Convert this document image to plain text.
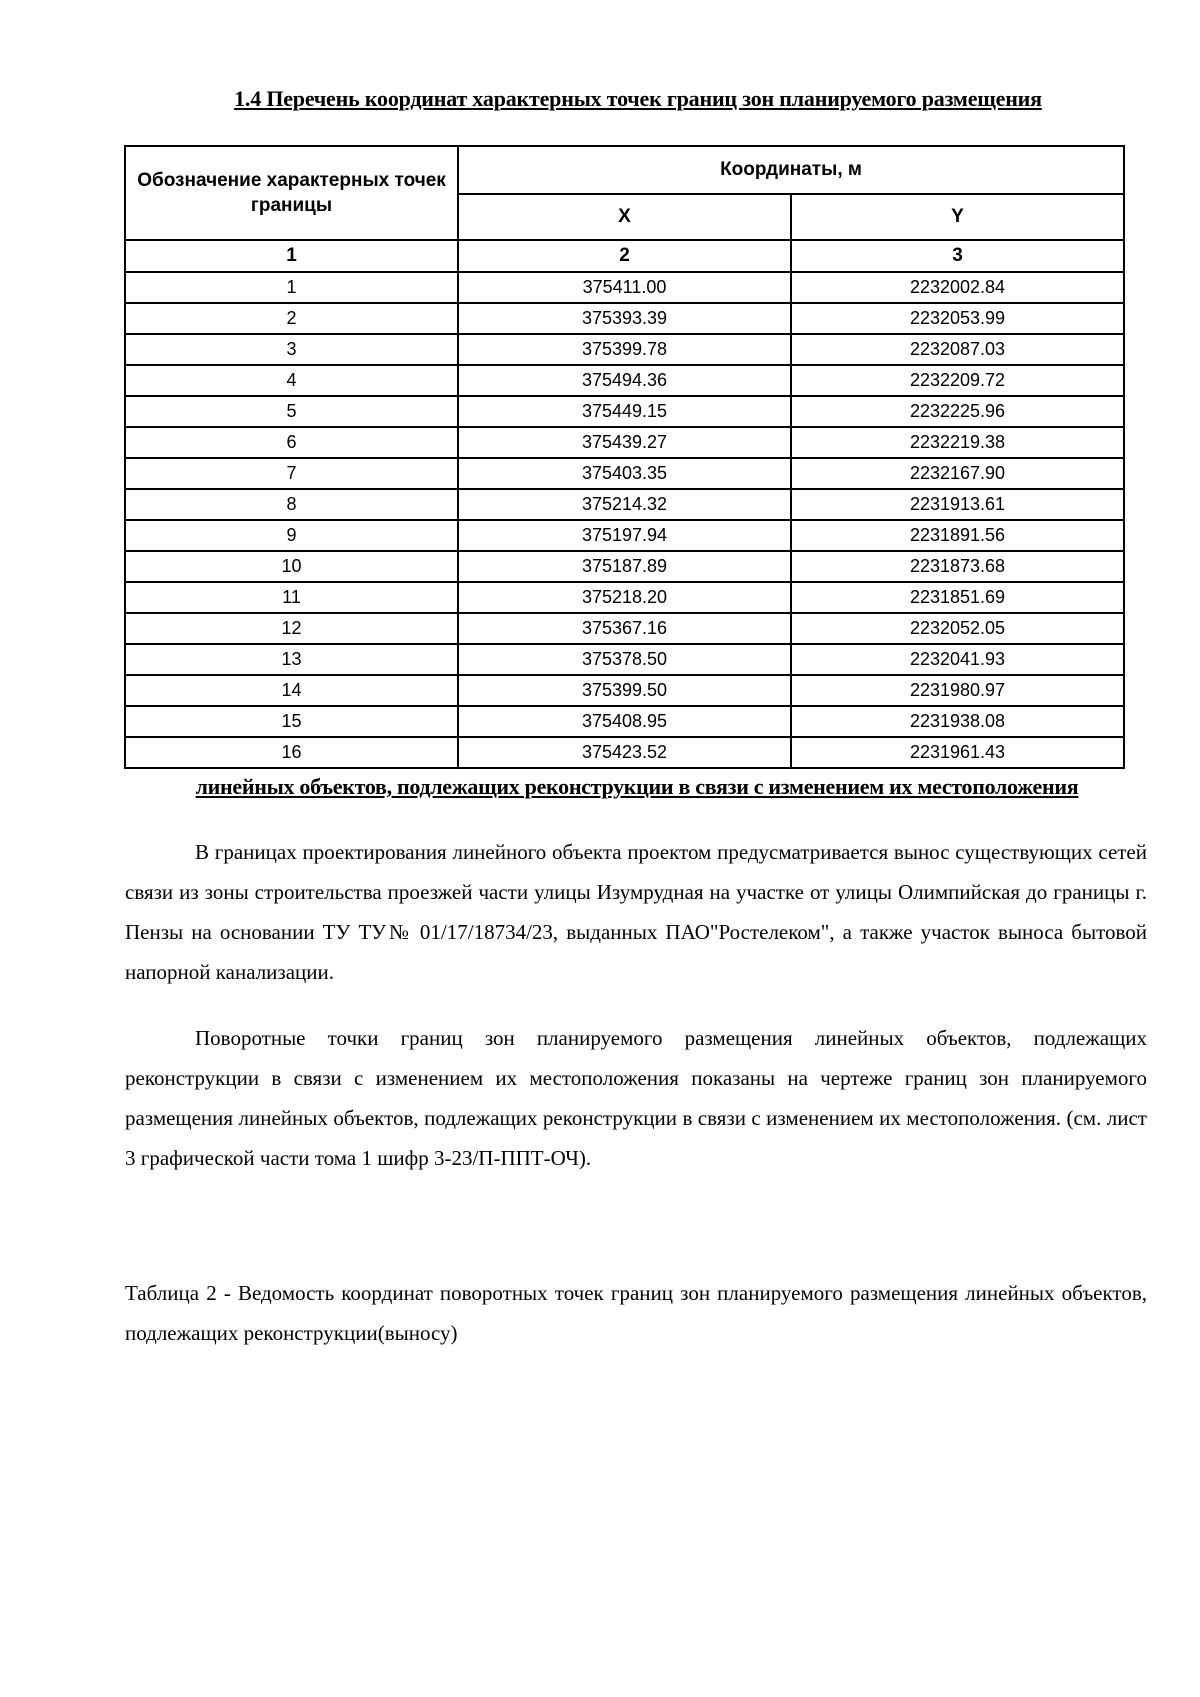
1.4 Перечень координат характерных точек границ зон планируемого размещения
Обозначение характерных точек границы	Координаты, м	
	X	Y
1	2	3
1	375411.00	2232002.84
2	375393.39	2232053.99
3	375399.78	2232087.03
4	375494.36	2232209.72
5	375449.15	2232225.96
6	375439.27	2232219.38
7	375403.35	2232167.90
8	375214.32	2231913.61
9	375197.94	2231891.56
10	375187.89	2231873.68
11	375218.20	2231851.69
12	375367.16	2232052.05
13	375378.50	2232041.93
14	375399.50	2231980.97
15	375408.95	2231938.08
16	375423.52	2231961.43
линейных объектов, подлежащих реконструкции в связи с изменением их местоположения

В границах проектирования линейного объекта проектом предусматривается вынос существующих сетей связи из зоны строительства проезжей части улицы Изумрудная на участке от улицы Олимпийская до границы г. Пензы на основании ТУ ТУ№ 01/17/18734/23, выданных ПАО"Ростелеком", а также участок выноса бытовой напорной канализации.

Поворотные точки границ зон планируемого размещения линейных объектов, подлежащих реконструкции в связи с изменением их местоположения показаны на чертеже границ зон планируемого размещения линейных объектов, подлежащих реконструкции в связи с изменением их местоположения. (см. лист 3 графической части тома 1 шифр 3-23/П-ППТ-ОЧ).

Таблица 2 - Ведомость координат поворотных точек границ зон планируемого размещения линейных объектов, подлежащих реконструкции(выносу)
